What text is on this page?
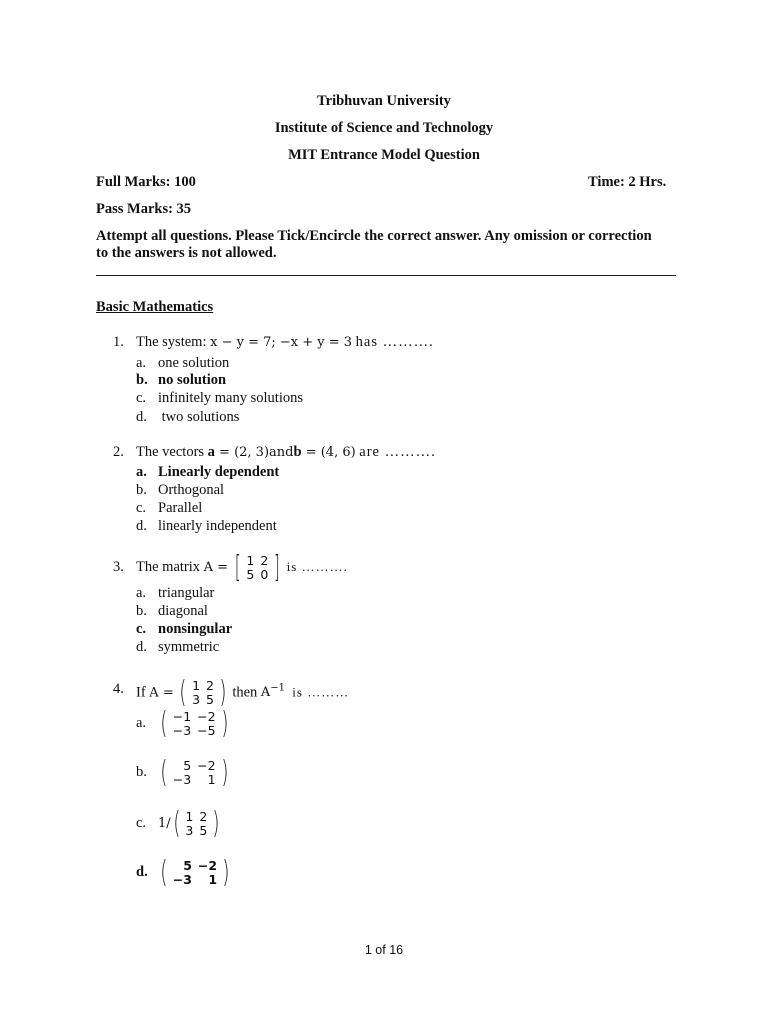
Tribhuvan University
Institute of Science and Technology
MIT Entrance Model Question
Full Marks: 100	Time: 2 Hrs.
Pass Marks: 35
Attempt all questions. Please Tick/Encircle the correct answer. Any omission or correction
to the answers is not allowed.
Basic Mathematics
1. The system: x − y = 7; −x + y = 3 has ……….
a. one solution
b. no solution
c. infinitely many solutions
d. two solutions
2. The vectors a = (2, 3)andb = (4, 6) are ……….
a. Linearly dependent
b. Orthogonal
c. Parallel
d. linearly independent
3. The matrix A = [ 1	2
5	0 ] is ……….
a. triangular
b. diagonal
c. nonsingular
d. symmetric
4. If A = ( 1	2
3	5 ) then $A^{-1}$ is ………
a. ( −1	−2
−3	−5 )
b. ( 5	−2
−3	1 )
c. 1/( 1	2
3	5 )
d. ( 5	−2
−3	1 )
1 of 16
